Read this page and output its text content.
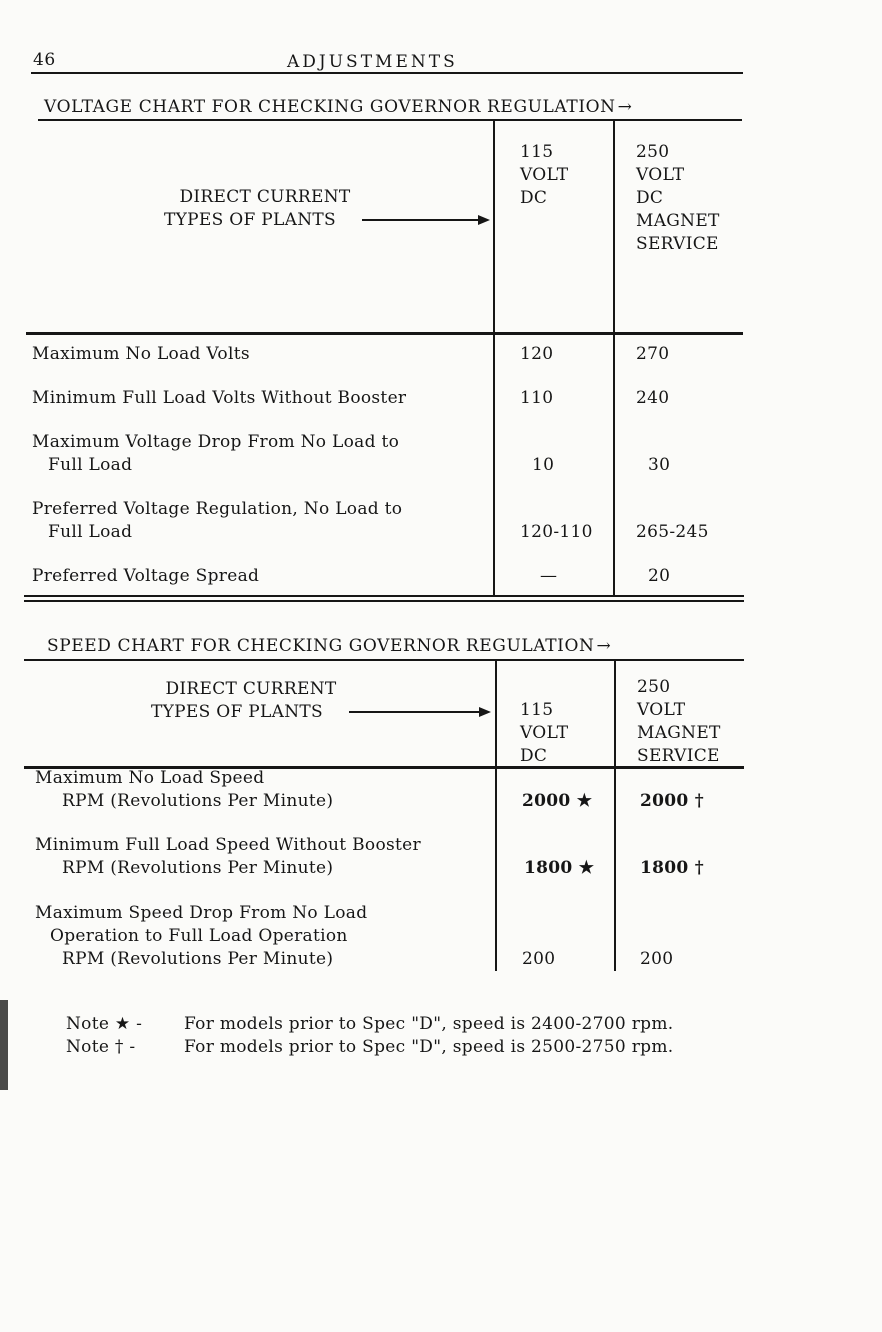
46	ADJUSTMENTS
VOLTAGE CHART FOR CHECKING GOVERNOR REGULATION →
DIRECT CURRENT
TYPES OF PLANTS
115
VOLT
DC
250
VOLT
DC
MAGNET
SERVICE
Maximum No Load Volts	120	270
Minimum Full Load Volts Without Booster	110	240
Maximum Voltage Drop From No Load to
Full Load	10	30
Preferred Voltage Regulation, No Load to
Full Load	120-110	265-245
Preferred Voltage Spread	—	20
SPEED CHART FOR CHECKING GOVERNOR REGULATION →
DIRECT CURRENT
TYPES OF PLANTS	115
VOLT
DC
250
VOLT
MAGNET
SERVICE
Maximum No Load Speed
RPM (Revolutions Per Minute)	2000 ★	2000 †
Minimum Full Load Speed Without Booster
RPM (Revolutions Per Minute)	1800 ★	1800 †
Maximum Speed Drop From No Load
Operation to Full Load Operation
RPM (Revolutions Per Minute)	200	200
Note ★ - For models prior to Spec "D", speed is 2400-2700 rpm.
Note † -	For models prior to Spec "D", speed is 2500-2750 rpm.
